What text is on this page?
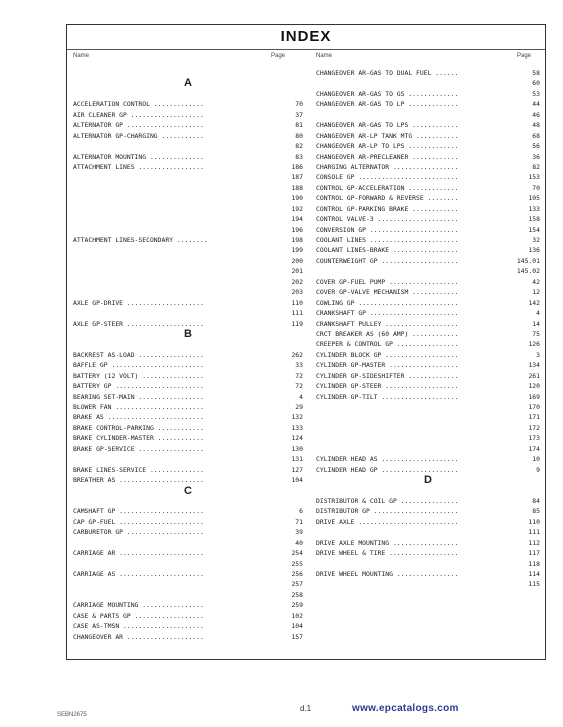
INDEX
Name	Page	Name	Page
A
ACCELERATION CONTROL .............	70
AIR CLEANER GP ...................	37
ALTERNATOR GP ....................	81
ALTERNATOR GP-CHARGING ...........	80
82
ALTERNATOR MOUNTING ..............	83
ATTACHMENT LINES .................	186
187
188
190
192
194
196
ATTACHMENT LINES-SECONDARY ........	198
199
200
201
202
203
AXLE GP-DRIVE ....................	110
111
AXLE GP-STEER ....................	119
B
BACKREST AS-LOAD .................	262
BAFFLE GP ........................	33
BATTERY (12 VOLT) ................	72
BATTERY GP .......................	72
BEARING SET-MAIN .................	4
BLOWER FAN .......................	29
BRAKE AS .........................	132
BRAKE CONTROL-PARKING ............	133
BRAKE CYLINDER-MASTER ............	124
BRAKE GP-SERVICE .................	130
131
BRAKE LINES-SERVICE ..............	127
BREATHER AS ......................	104
C
CAMSHAFT GP ......................	6
CAP GP-FUEL ......................	71
CARBURETOR GP ....................	39
40
CARRIAGE AR ......................	254
255
CARRIAGE AS ......................	256
257
258
CARRIAGE MOUNTING ................	259
CASE & PARTS GP ..................	102
CASE AS-TMSN .....................	104
CHANGEOVER AR ....................	157
CHANGEOVER AR-GAS TO DUAL FUEL ......	58
60
CHANGEOVER AR-GAS TO GS .............	53
CHANGEOVER AR-GAS TO LP .............	44
46
CHANGEOVER AR-GAS TO LPS ............	48
CHANGEOVER AR-LP TANK MTG ...........	68
CHANGEOVER AR-LP TO LPS .............	56
CHANGEOVER AR-PRECLEANER ............	36
CHARGING ALTERNATOR .................	82
CONSOLE GP ..........................	153
CONTROL GP-ACCELERATION .............	70
CONTROL GP-FORWARD & REVERSE ........	105
CONTROL GP-PARKING BRAKE ............	133
CONTROL VALVE-3 .....................	158
CONVERSION GP .......................	154
COOLANT LINES .......................	32
COOLANT LINES-BRAKE .................	136
COUNTERWEIGHT GP ....................	145.01
145.02
COVER GP-FUEL PUMP ..................	42
COVER GP-VALVE MECHANISM ............	12
COWLING GP ..........................	142
CRANKSHAFT GP .......................	4
CRANKSHAFT PULLEY ...................	14
CRCT BREAKER AS (60 AMP) ............	75
CREEPER & CONTROL GP ................	126
CYLINDER BLOCK GP ...................	3
CYLINDER GP-MASTER ..................	134
CYLINDER GP-SIDESHIFTER .............	261
CYLINDER GP-STEER ...................	120
CYLINDER GP-TILT ....................	169
170
171
172
173
174
CYLINDER HEAD AS ....................	10
CYLINDER HEAD GP ....................	9
D
DISTRIBUTOR & COIL GP ...............	84
DISTRIBUTOR GP ......................	85
DRIVE AXLE ..........................	110
111
DRIVE AXLE MOUNTING .................	112
DRIVE WHEEL & TIRE ..................	117
118
DRIVE WHEEL MOUNTING ................	114
115
SEBN2675
d.1	www.epcatalogs.com
